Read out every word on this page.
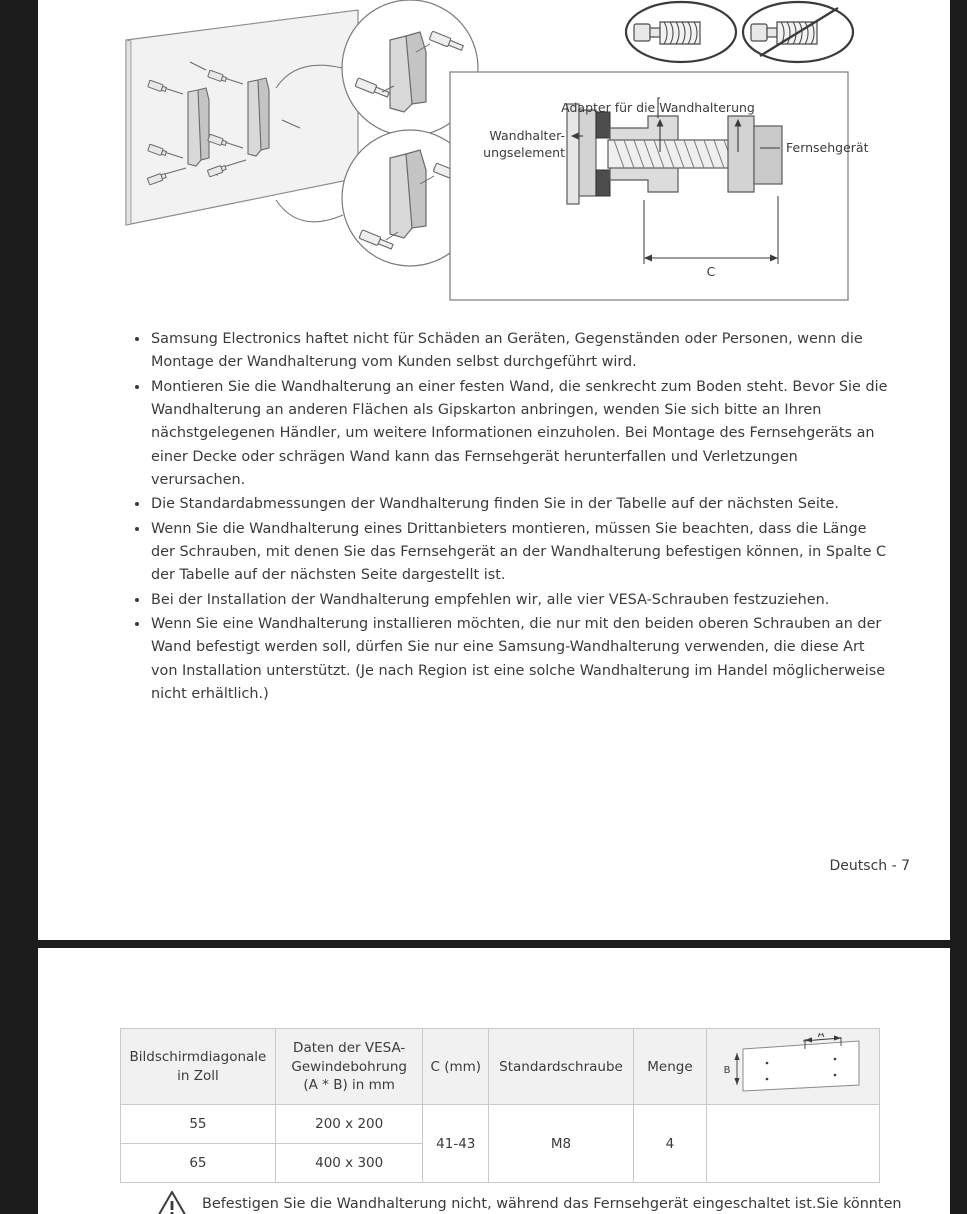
Adapter für die Wandhalterung
Wandhalter-
ungselement	Fernsehgerät
C
Samsung Electronics haftet nicht für Schäden an Geräten, Gegenständen oder Personen, wenn die Montage der Wandhalterung vom Kunden selbst durchgeführt wird.
Montieren Sie die Wandhalterung an einer festen Wand, die senkrecht zum Boden steht. Bevor Sie die Wandhalterung an anderen Flächen als Gipskarton anbringen, wenden Sie sich bitte an Ihren nächstgelegenen Händler, um weitere Informationen einzuholen. Bei Montage des Fernsehgeräts an einer Decke oder schrägen Wand kann das Fernsehgerät herunterfallen und Verletzungen verursachen.
Die Standardabmessungen der Wandhalterung finden Sie in der Tabelle auf der nächsten Seite.
Wenn Sie die Wandhalterung eines Drittanbieters montieren, müssen Sie beachten, dass die Länge der Schrauben, mit denen Sie das Fernsehgerät an der Wandhalterung befestigen können, in Spalte C der Tabelle auf der nächsten Seite dargestellt ist.
Bei der Installation der Wandhalterung empfehlen wir, alle vier VESA-Schrauben festzuziehen.
Wenn Sie eine Wandhalterung installieren möchten, die nur mit den beiden oberen Schrauben an der Wand befestigt werden soll, dürfen Sie nur eine Samsung-Wandhalterung verwenden, die diese Art von Installation unterstützt. (Je nach Region ist eine solche Wandhalterung im Handel möglicherweise nicht erhältlich.)
Deutsch - 7
Bildschirmdiagonale
in Zoll	Daten der VESA-
Gewindebohrung
(A * B) in mm	C (mm)	Standardschraube	Menge	A
B

55	200 x 200	41-43	M8	4	
65	400 x 300				
Befestigen Sie die Wandhalterung nicht, während das Fernsehgerät eingeschaltet ist.Sie könnten
